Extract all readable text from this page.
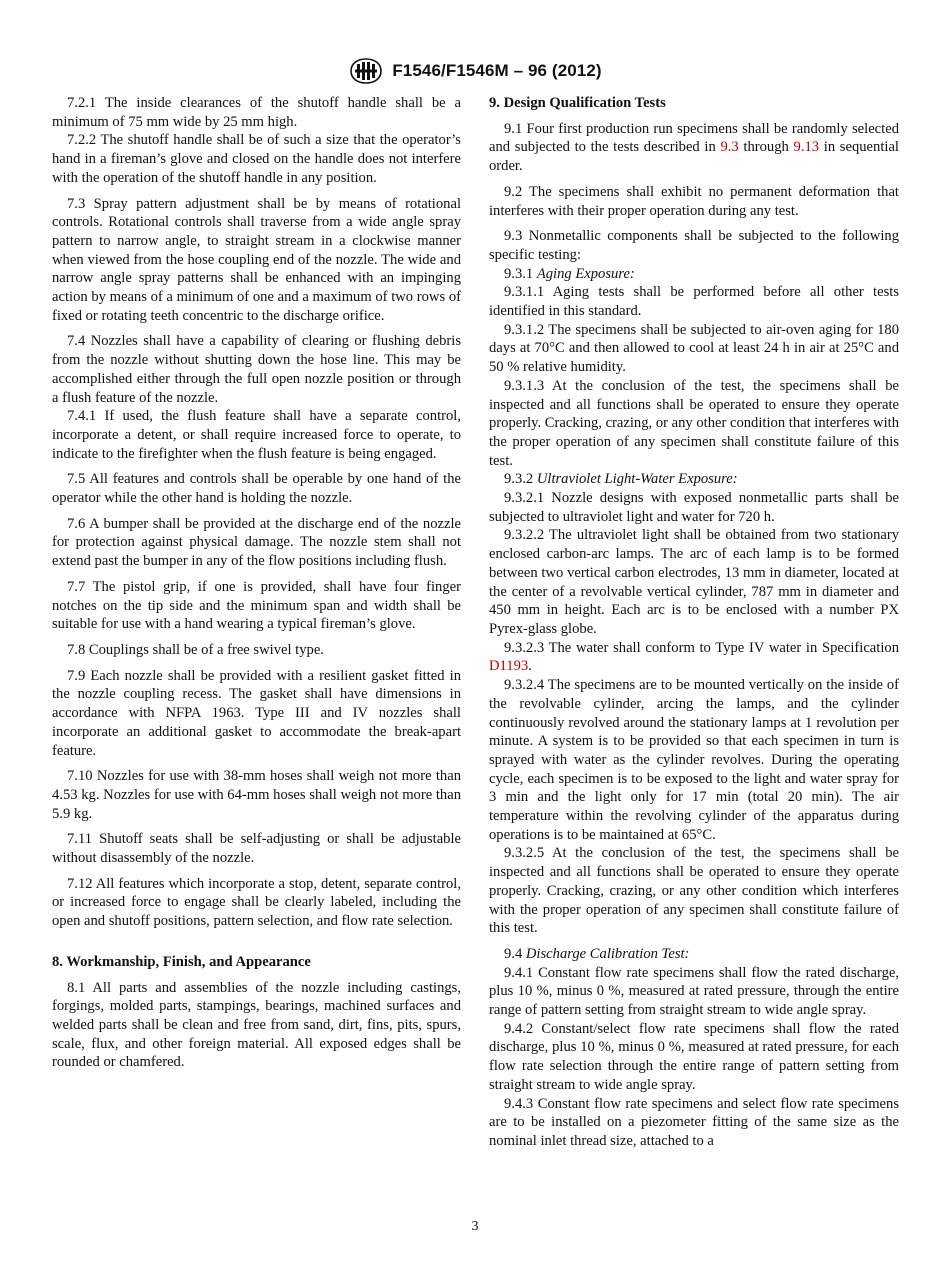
F1546/F1546M – 96 (2012)

7.2.1 The inside clearances of the shutoff handle shall be a minimum of 75 mm wide by 25 mm high.

7.2.2 The shutoff handle shall be of such a size that the operator’s hand in a fireman’s glove and closed on the handle does not interfere with the operation of the shutoff handle in any position.

7.3 Spray pattern adjustment shall be by means of rotational controls. Rotational controls shall traverse from a wide angle spray pattern to narrow angle, to straight stream in a clockwise manner when viewed from the hose coupling end of the nozzle. The wide and narrow angle spray patterns shall be enhanced with an impinging action by means of a minimum of one and a maximum of two rows of fixed or rotating teeth concentric to the discharge orifice.

7.4 Nozzles shall have a capability of clearing or flushing debris from the nozzle without shutting down the hose line. This may be accomplished either through the full open nozzle position or through a flush feature of the nozzle.

7.4.1 If used, the flush feature shall have a separate control, incorporate a detent, or shall require increased force to operate, to indicate to the firefighter when the flush feature is being engaged.

7.5 All features and controls shall be operable by one hand of the operator while the other hand is holding the nozzle.

7.6 A bumper shall be provided at the discharge end of the nozzle for protection against physical damage. The nozzle stem shall not extend past the bumper in any of the flow positions including flush.

7.7 The pistol grip, if one is provided, shall have four finger notches on the tip side and the minimum span and width shall be suitable for use with a hand wearing a typical fireman’s glove.

7.8 Couplings shall be of a free swivel type.

7.9 Each nozzle shall be provided with a resilient gasket fitted in the nozzle coupling recess. The gasket shall have dimensions in accordance with NFPA 1963. Type III and IV nozzles shall incorporate an additional gasket to accommodate the break-apart feature.

7.10 Nozzles for use with 38-mm hoses shall weigh not more than 4.53 kg. Nozzles for use with 64-mm hoses shall weigh not more than 5.9 kg.

7.11 Shutoff seats shall be self-adjusting or shall be adjustable without disassembly of the nozzle.

7.12 All features which incorporate a stop, detent, separate control, or increased force to engage shall be clearly labeled, including the open and shutoff positions, pattern selection, and flow rate selection.

8. Workmanship, Finish, and Appearance

8.1 All parts and assemblies of the nozzle including castings, forgings, molded parts, stampings, bearings, machined surfaces and welded parts shall be clean and free from sand, dirt, fins, pits, spurs, scale, flux, and other foreign material. All exposed edges shall be rounded or chamfered.

9. Design Qualification Tests

9.1 Four first production run specimens shall be randomly selected and subjected to the tests described in 9.3 through 9.13 in sequential order.

9.2 The specimens shall exhibit no permanent deformation that interferes with their proper operation during any test.

9.3 Nonmetallic components shall be subjected to the following specific testing:

9.3.1 Aging Exposure:

9.3.1.1 Aging tests shall be performed before all other tests identified in this standard.

9.3.1.2 The specimens shall be subjected to air-oven aging for 180 days at 70°C and then allowed to cool at least 24 h in air at 25°C and 50 % relative humidity.

9.3.1.3 At the conclusion of the test, the specimens shall be inspected and all functions shall be operated to ensure they operate properly. Cracking, crazing, or any other condition that interferes with the proper operation of any specimen shall constitute failure of this test.

9.3.2 Ultraviolet Light-Water Exposure:

9.3.2.1 Nozzle designs with exposed nonmetallic parts shall be subjected to ultraviolet light and water for 720 h.

9.3.2.2 The ultraviolet light shall be obtained from two stationary enclosed carbon-arc lamps. The arc of each lamp is to be formed between two vertical carbon electrodes, 13 mm in diameter, located at the center of a revolvable vertical cylinder, 787 mm in diameter and 450 mm in height. Each arc is to be enclosed with a number PX Pyrex-glass globe.

9.3.2.3 The water shall conform to Type IV water in Specification D1193.

9.3.2.4 The specimens are to be mounted vertically on the inside of the revolvable cylinder, arcing the lamps, and the cylinder continuously revolved around the stationary lamps at 1 revolution per minute. A system is to be provided so that each specimen in turn is sprayed with water as the cylinder revolves. During the operating cycle, each specimen is to be exposed to the light and water spray for 3 min and the light only for 17 min (total 20 min). The air temperature within the revolving cylinder of the apparatus during operations is to be maintained at 65°C.

9.3.2.5 At the conclusion of the test, the specimens shall be inspected and all functions shall be operated to ensure they operate properly. Cracking, crazing, or any other condition which interferes with the proper operation of any specimen shall constitute failure of this test.

9.4 Discharge Calibration Test:

9.4.1 Constant flow rate specimens shall flow the rated discharge, plus 10 %, minus 0 %, measured at rated pressure, through the entire range of pattern setting from straight stream to wide angle spray.

9.4.2 Constant/select flow rate specimens shall flow the rated discharge, plus 10 %, minus 0 %, measured at rated pressure, for each flow rate selection through the entire range of pattern setting from straight stream to wide angle spray.

9.4.3 Constant flow rate specimens and select flow rate specimens are to be installed on a piezometer fitting of the same size as the nominal inlet thread size, attached to a

3
